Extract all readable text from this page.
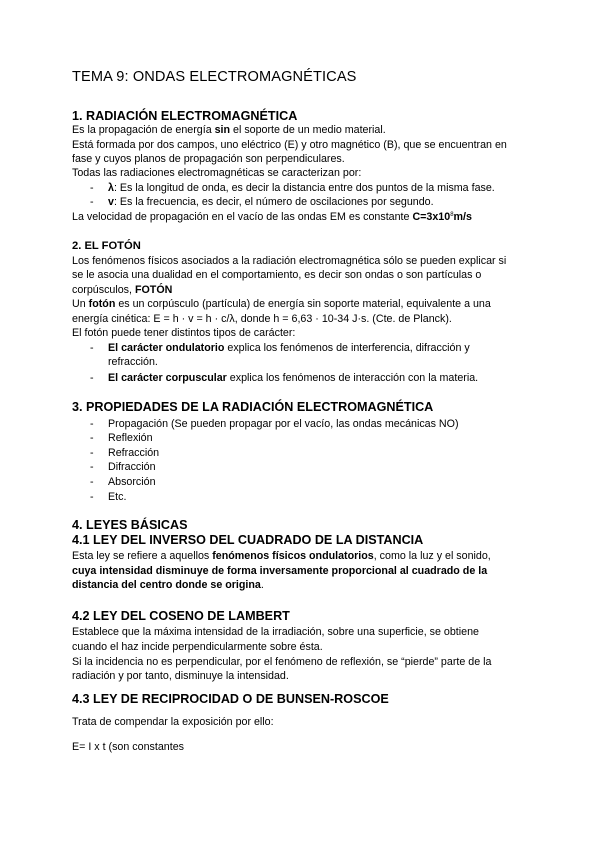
TEMA 9: ONDAS ELECTROMAGNÉTICAS
1. RADIACIÓN ELECTROMAGNÉTICA
Es la propagación de energía sin el soporte de un medio material.
Está formada por dos campos, uno eléctrico (E) y otro magnético (B), que se encuentran en
fase y cuyos planos de propagación son perpendiculares.
Todas las radiaciones electromagnéticas se caracterizan por:
- λ: Es la longitud de onda, es decir la distancia entre dos puntos de la misma fase.
- v: Es la frecuencia, es decir, el número de oscilaciones por segundo.
La velocidad de propagación en el vacío de las ondas EM es constante $C=3x10^8m/s$
2. EL FOTÓN
Los fenómenos físicos asociados a la radiación electromagnética sólo se pueden explicar si
se le asocia una dualidad en el comportamiento, es decir son ondas o son partículas o
corpúsculos, FOTÓN
Un fotón es un corpúsculo (partícula) de energía sin soporte material, equivalente a una
energía cinética: E = h · v = h · c/λ, donde h = 6,63 · 10-34 J·s. (Cte. de Planck).
El fotón puede tener distintos tipos de carácter:
- El carácter ondulatorio explica los fenómenos de interferencia, difracción y
refracción.
- El carácter corpuscular explica los fenómenos de interacción con la materia.
3. PROPIEDADES DE LA RADIACIÓN ELECTROMAGNÉTICA
- Propagación (Se pueden propagar por el vacío, las ondas mecánicas NO)
- Reflexión
- Refracción
- Difracción
- Absorción
- Etc.
4. LEYES BÁSICAS
4.1 LEY DEL INVERSO DEL CUADRADO DE LA DISTANCIA
Esta ley se refiere a aquellos fenómenos físicos ondulatorios, como la luz y el sonido,
cuya intensidad disminuye de forma inversamente proporcional al cuadrado de la
distancia del centro donde se origina.
4.2 LEY DEL COSENO DE LAMBERT
Establece que la máxima intensidad de la irradiación, sobre una superficie, se obtiene
cuando el haz incide perpendicularmente sobre ésta.
Si la incidencia no es perpendicular, por el fenómeno de reflexión, se “pierde” parte de la
radiación y por tanto, disminuye la intensidad.
4.3 LEY DE RECIPROCIDAD O DE BUNSEN-ROSCOE
Trata de compendar la exposición por ello:
E= I x t (son constantes
